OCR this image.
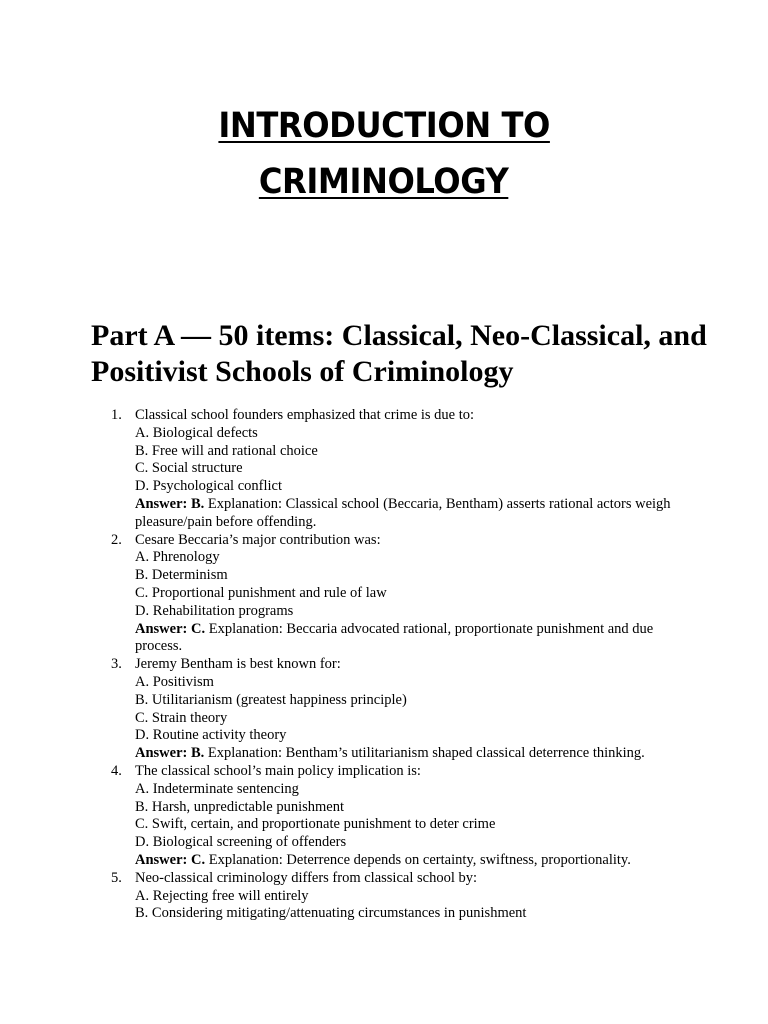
INTRODUCTION TO
CRIMINOLOGY
Part A — 50 items: Classical, Neo-Classical, and Positivist Schools of Criminology
1. Classical school founders emphasized that crime is due to:
A. Biological defects
B. Free will and rational choice
C. Social structure
D. Psychological conflict
Answer: B. Explanation: Classical school (Beccaria, Bentham) asserts rational actors weigh pleasure/pain before offending.
2. Cesare Beccaria’s major contribution was:
A. Phrenology
B. Determinism
C. Proportional punishment and rule of law
D. Rehabilitation programs
Answer: C. Explanation: Beccaria advocated rational, proportionate punishment and due process.
3. Jeremy Bentham is best known for:
A. Positivism
B. Utilitarianism (greatest happiness principle)
C. Strain theory
D. Routine activity theory
Answer: B. Explanation: Bentham’s utilitarianism shaped classical deterrence thinking.
4. The classical school’s main policy implication is:
A. Indeterminate sentencing
B. Harsh, unpredictable punishment
C. Swift, certain, and proportionate punishment to deter crime
D. Biological screening of offenders
Answer: C. Explanation: Deterrence depends on certainty, swiftness, proportionality.
5. Neo-classical criminology differs from classical school by:
A. Rejecting free will entirely
B. Considering mitigating/attenuating circumstances in punishment
